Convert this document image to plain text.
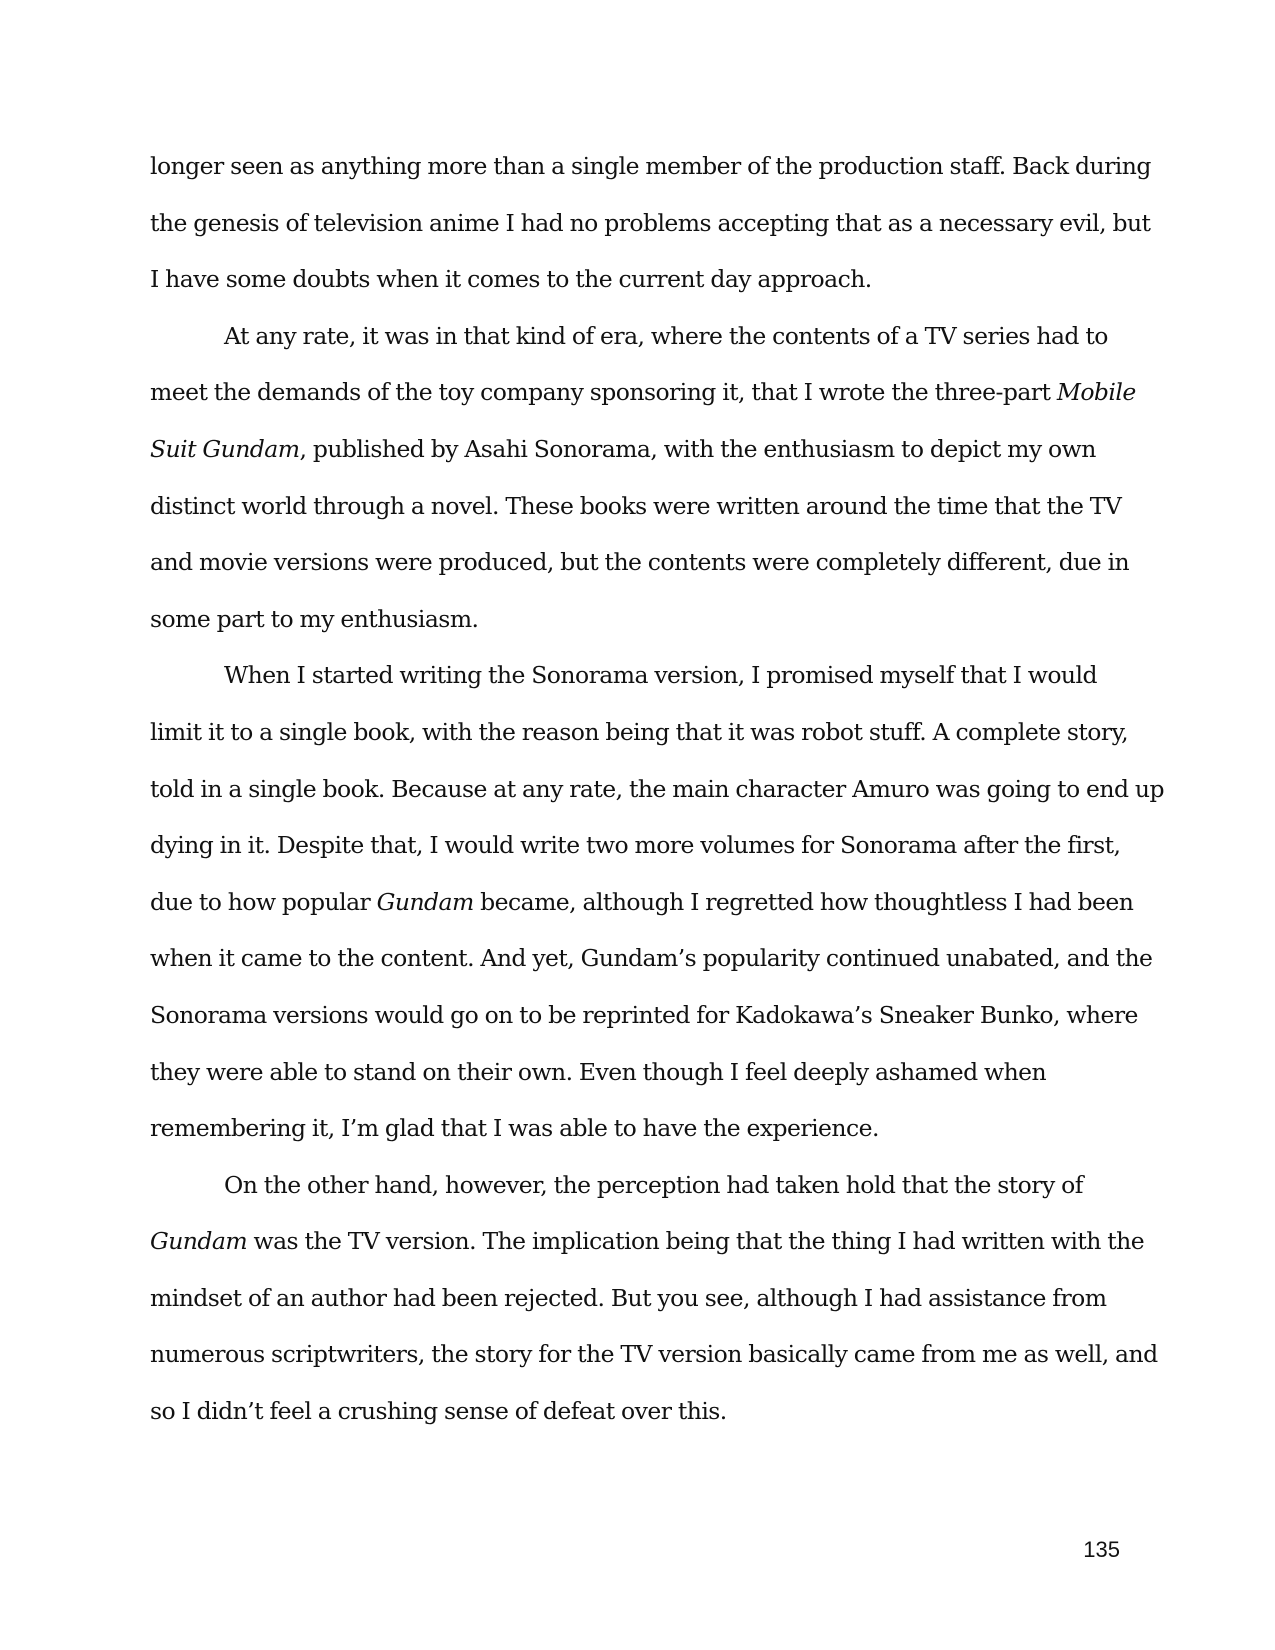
longer seen as anything more than a single member of the production staff. Back during
the genesis of television anime I had no problems accepting that as a necessary evil, but
I have some doubts when it comes to the current day approach.
At any rate, it was in that kind of era, where the contents of a TV series had to
meet the demands of the toy company sponsoring it, that I wrote the three-part Mobile
Suit Gundam, published by Asahi Sonorama, with the enthusiasm to depict my own
distinct world through a novel. These books were written around the time that the TV
and movie versions were produced, but the contents were completely different, due in
some part to my enthusiasm.
When I started writing the Sonorama version, I promised myself that I would
limit it to a single book, with the reason being that it was robot stuff. A complete story,
told in a single book. Because at any rate, the main character Amuro was going to end up
dying in it. Despite that, I would write two more volumes for Sonorama after the first,
due to how popular Gundam became, although I regretted how thoughtless I had been
when it came to the content. And yet, Gundam’s popularity continued unabated, and the
Sonorama versions would go on to be reprinted for Kadokawa’s Sneaker Bunko, where
they were able to stand on their own. Even though I feel deeply ashamed when
remembering it, I’m glad that I was able to have the experience.
On the other hand, however, the perception had taken hold that the story of
Gundam was the TV version. The implication being that the thing I had written with the
mindset of an author had been rejected. But you see, although I had assistance from
numerous scriptwriters, the story for the TV version basically came from me as well, and
so I didn’t feel a crushing sense of defeat over this.
135
